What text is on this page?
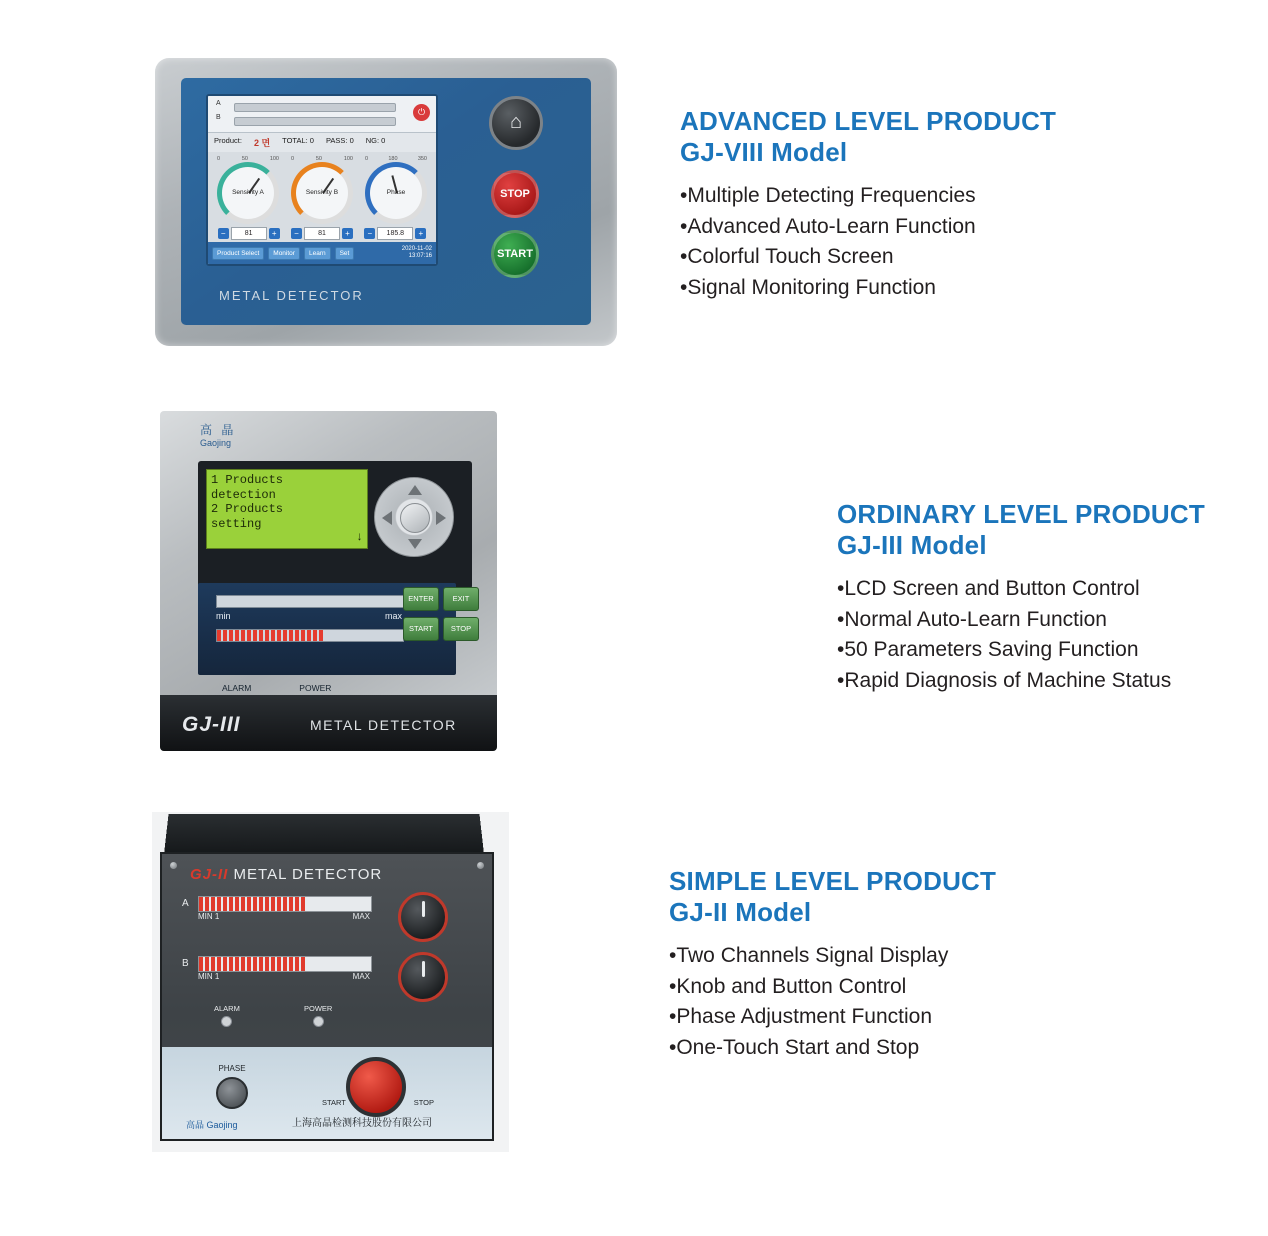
A
B
⏻
Product: 2 면 TOTAL: 0 PASS: 0 NG: 0
0	50	100
Sensivity A
0	50	100
Sensivity B
0	180	350
Phase
−	81	+	−	81	+	−	185.8	+
Product Select	Monitor	Learn	Set
2020-11-02
13:07:16
⌂
STOP
START
METAL DETECTOR
ADVANCED LEVEL PRODUCT
GJ-VIII Model
•Multiple Detecting Frequencies
•Advanced Auto-Learn Function
•Colorful Touch Screen
•Signal Monitoring Function
高 晶
Gaojing
1 Products
detection
2 Products
setting
↓
min	max
ENTER	EXIT
START	STOP
ALARM	POWER
GJ-III	METAL DETECTOR
ORDINARY LEVEL PRODUCT
GJ-III Model
•LCD Screen and Button Control
•Normal Auto-Learn Function
•50 Parameters Saving Function
•Rapid Diagnosis of Machine Status
GJ-II METAL DETECTOR
A
MIN 1	MAX
B
MIN 1	MAX
ALARM	POWER
PHASE
START	STOP
高晶 Gaojing	上海高晶检测科技股份有限公司
SIMPLE LEVEL PRODUCT
GJ-II Model
•Two Channels Signal Display
•Knob and Button Control
•Phase Adjustment Function
•One-Touch Start and Stop
